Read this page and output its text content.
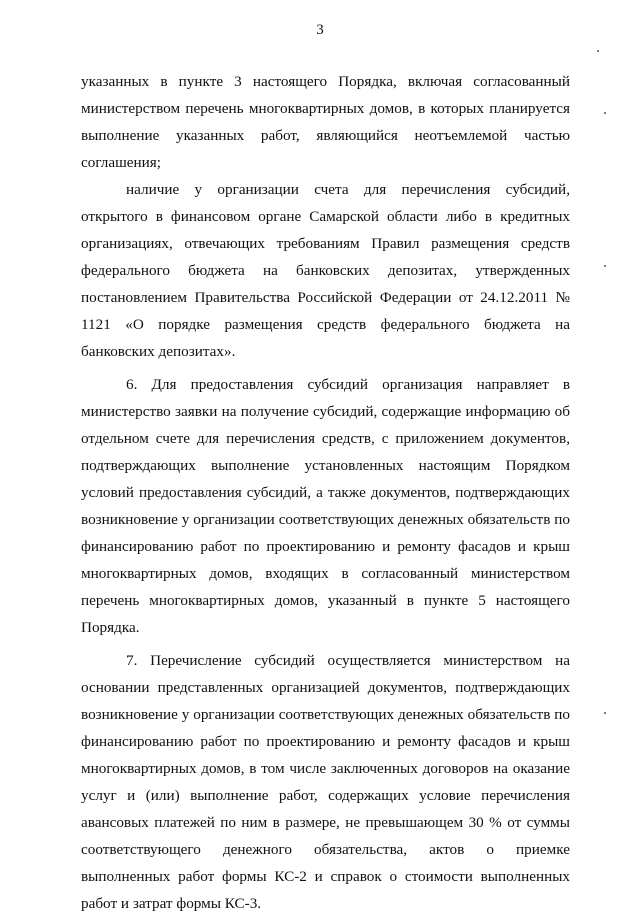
3

указанных в пункте 3 настоящего Порядка, включая согласованный министерством перечень многоквартирных домов, в которых планируется выполнение указанных работ, являющийся неотъемлемой частью соглашения;

наличие у организации счета для перечисления субсидий, открытого в финансовом органе Самарской области либо в кредитных организациях, отвечающих требованиям Правил размещения средств федерального бюджета на банковских депозитах, утвержденных постановлением Правительства Российской Федерации от 24.12.2011 № 1121 «О порядке размещения средств федерального бюджета на банковских депозитах».

6. Для предоставления субсидий организация направляет в министерство заявки на получение субсидий, содержащие информацию об отдельном счете для перечисления средств, с приложением документов, подтверждающих выполнение установленных настоящим Порядком условий предоставления субсидий, а также документов, подтверждающих возникновение у организации соответствующих денежных обязательств по финансированию работ по проектированию и ремонту фасадов и крыш многоквартирных домов, входящих в согласованный министерством перечень многоквартирных домов, указанный в пункте 5 настоящего Порядка.

7. Перечисление субсидий осуществляется министерством на основании представленных организацией документов, подтверждающих возникновение у организации соответствующих денежных обязательств по финансированию работ по проектированию и ремонту фасадов и крыш многоквартирных домов, в том числе заключенных договоров на оказание услуг и (или) выполнение работ, содержащих условие перечисления авансовых платежей по ним в размере, не превышающем 30 % от суммы соответствующего денежного обязательства, актов о приемке выполненных работ формы КС-2 и справок о стоимости выполненных работ и затрат формы КС-3.
